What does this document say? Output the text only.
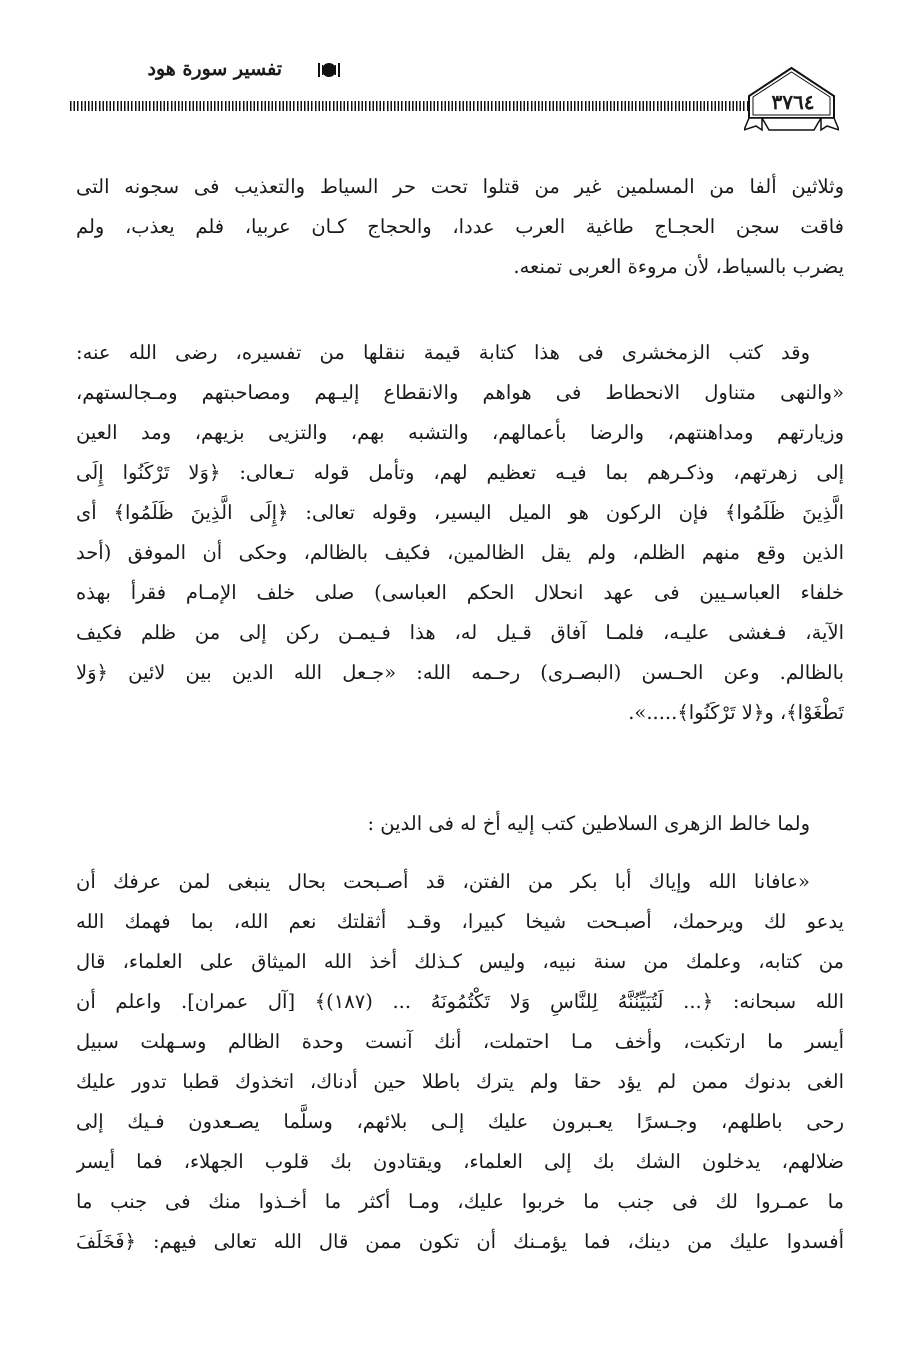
تفسير سورة هود
٣٧٦٤
وثلاثين ألفا من المسلمين غير من قتلوا تحت حر السياط والتعذيب فى سجونه التى
فاقت سجن الحجـاج طاغية العرب عددا، والحجاج كـان عربيا، فلم يعذب، ولم
يضرب بالسياط، لأن مروءة العربى تمنعه.
وقد كتب الزمخشرى فى هذا كتابة قيمة ننقلها من تفسيره، رضى الله عنه:
«والنهى متناول الانحطاط فى هواهم والانقطاع إليـهم ومصاحبتهم ومـجالستهم،
وزيارتهم ومداهنتهم، والرضا بأعمالهم، والتشبه بهم، والتزيى بزيهم، ومد العين
إلى زهرتهم، وذكـرهم بما فيـه تعظيم لهم، وتأمل قوله تـعالى: ﴿وَلا تَرْكَنُوا إِلَى
الَّذِينَ ظَلَمُوا﴾ فإن الركون هو الميل اليسير، وقوله تعالى: ﴿إِلَى الَّذِينَ ظَلَمُوا﴾ أى
الذين وقع منهم الظلم، ولم يقل الظالمين، فكيف بالظالم، وحكى أن الموفق (أحد
خلفاء العباسـيين فى عهد انحلال الحكم العباسى) صلى خلف الإمـام فقرأ بهذه
الآية، فـغشى عليـه، فلمـا آفاق قـيل له، هذا فـيمـن ركن إلى من ظلم فكيف
بالظالم. وعن الحـسن (البصـرى) رحـمه الله: «جـعل الله الدين بين لائين ﴿وَلا
تَطْغَوْا﴾، و﴿لا تَرْكَنُوا﴾.....».
ولما خالط الزهرى السلاطين كتب إليه أخ له فى الدين :
«عافانا الله وإياك أبا بكر من الفتن، قد أصـبحت بحال ينبغى لمن عرفك أن
يدعو لك ويرحمك، أصبـحت شيخا كبيرا، وقـد أثقلتك نعم الله، بما فهمك الله
من كتابه، وعلمك من سنة نبيه، وليس كـذلك أخذ الله الميثاق على العلماء، قال
الله سبحانه: ﴿... لَتُبَيِّنُنَّهُ لِلنَّاسِ وَلا تَكْتُمُونَهُ ... (١٨٧)﴾ [آل عمران]. واعلم أن
أيسر ما ارتكبت، وأخف مـا احتملت، أنك آنست وحدة الظالم وسـهلت سبيل
الغى بدنوك ممن لم يؤد حقا ولم يترك باطلا حين أدناك، اتخذوك قطبا تدور عليك
رحى باطلهم، وجـسرًا يعـبرون عليك إلـى بلائهم، وسلَّما يصـعدون فـيك إلى
ضلالهم، يدخلون الشك بك إلى العلماء، ويقتادون بك قلوب الجهلاء، فما أيسر
ما عمـروا لك فى جنب ما خربوا عليك، ومـا أكثر ما أخـذوا منك فى جنب ما
أفسدوا عليك من دينك، فما يؤمـنك أن تكون ممن قال الله تعالى فيهم: ﴿فَخَلَفَ
